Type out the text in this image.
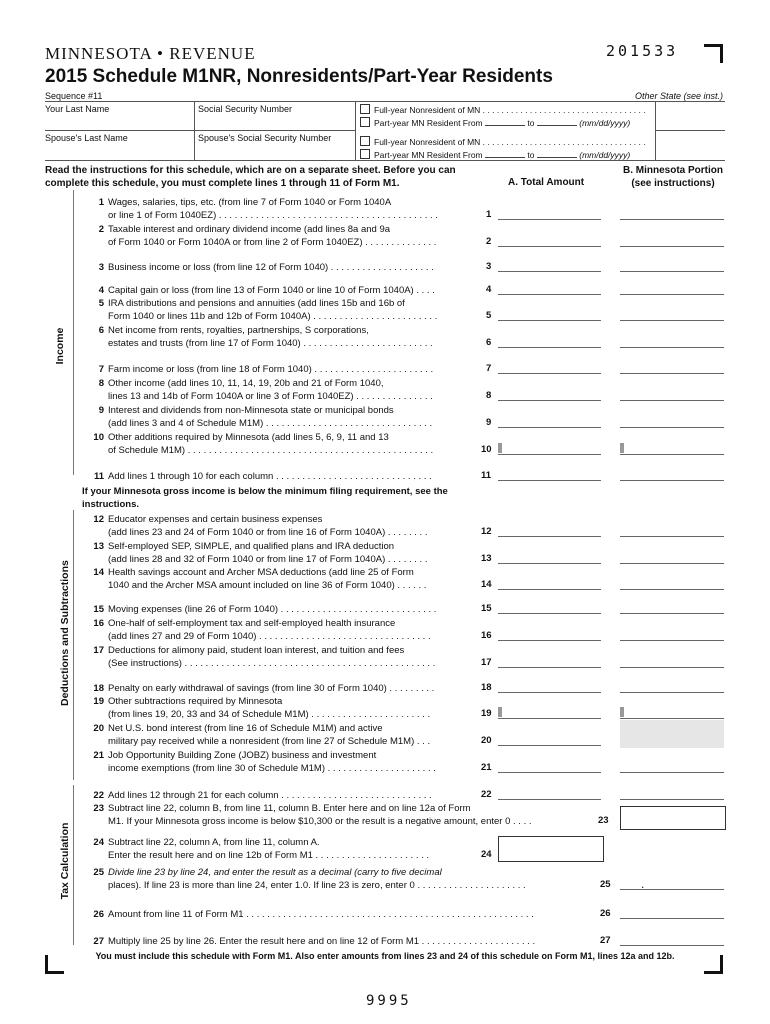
MINNESOTA • REVENUE	201533
2015 Schedule M1NR, Nonresidents/Part-Year Residents
Sequence #11	Other State (see inst.)
Your Last Name	Social Security Number
Spouse's Last Name	Spouse's Social Security Number
Full-year Nonresident of MN . . . . . . . . . . . . . . . . . . . . . . . . . . . . . . . . . . .
Part-year MN Resident From	to	(mm/dd/yyyy)
Full-year Nonresident of MN . . . . . . . . . . . . . . . . . . . . . . . . . . . . . . . . . . .
Part-year MN Resident From	to	(mm/dd/yyyy)
Read the instructions for this schedule, which are on a separate sheet. Before you can complete this schedule, you must complete lines 1 through 11 of Form M1.	A. Total Amount
B. Minnesota Portion (see instructions)
Income
Deductions and Subtractions
Tax Calculation
1 Wages, salaries, tips, etc. (from line 7 of Form 1040 or Form 1040A
or line 1 of Form 1040EZ) . . . . . . . . . . . . . . . . . . . . . . . . . . . . . . . . . . . . . . . . . .	1
2 Taxable interest and ordinary dividend income (add lines 8a and 9a
of Form 1040 or Form 1040A or from line 2 of Form 1040EZ) . . . . . . . . . . . . . .	2
3 Business income or loss (from line 12 of Form 1040) . . . . . . . . . . . . . . . . . . . .	3
4 Capital gain or loss (from line 13 of Form 1040 or line 10 of Form 1040A) . . . .	4
5 IRA distributions and pensions and annuities (add lines 15b and 16b of
Form 1040 or lines 11b and 12b of Form 1040A) . . . . . . . . . . . . . . . . . . . . . . . .	5
6 Net income from rents, royalties, partnerships, S corporations,
estates and trusts (from line 17 of Form 1040) . . . . . . . . . . . . . . . . . . . . . . . . .	6
7 Farm income or loss (from line 18 of Form 1040) . . . . . . . . . . . . . . . . . . . . . . .	7
8 Other income (add lines 10, 11, 14, 19, 20b and 21 of Form 1040,
lines 13 and 14b of Form 1040A or line 3 of Form 1040EZ) . . . . . . . . . . . . . . .	8
9 Interest and dividends from non-Minnesota state or municipal bonds
(add lines 3 and 4 of Schedule M1M) . . . . . . . . . . . . . . . . . . . . . . . . . . . . . . . .	9
10 Other additions required by Minnesota (add lines 5, 6, 9, 11 and 13
of Schedule M1M) . . . . . . . . . . . . . . . . . . . . . . . . . . . . . . . . . . . . . . . . . . . . . . .	10
11 Add lines 1 through 10 for each column . . . . . . . . . . . . . . . . . . . . . . . . . . . . . .	11
If your Minnesota gross income is below the minimum filing requirement, see the instructions.
12 Educator expenses and certain business expenses
(add lines 23 and 24 of Form 1040 or from line 16 of Form 1040A) . . . . . . . .	12
13 Self-employed SEP, SIMPLE, and qualified plans and IRA deduction
(add lines 28 and 32 of Form 1040 or from line 17 of Form 1040A) . . . . . . . .	13
14 Health savings account and Archer MSA deductions (add line 25 of Form
1040 and the Archer MSA amount included on line 36 of Form 1040) . . . . . .	14
15 Moving expenses (line 26 of Form 1040) . . . . . . . . . . . . . . . . . . . . . . . . . . . . . .	15
16 One-half of self-employment tax and self-employed health insurance
(add lines 27 and 29 of Form 1040) . . . . . . . . . . . . . . . . . . . . . . . . . . . . . . . . .	16
17 Deductions for alimony paid, student loan interest, and tuition and fees
(See instructions) . . . . . . . . . . . . . . . . . . . . . . . . . . . . . . . . . . . . . . . . . . . . . . . .	17
18 Penalty on early withdrawal of savings (from line 30 of Form 1040) . . . . . . . . .	18
19 Other subtractions required by Minnesota
(from lines 19, 20, 33 and 34 of Schedule M1M) . . . . . . . . . . . . . . . . . . . . . . .	19
20 Net U.S. bond interest (from line 16 of Schedule M1M) and active
military pay received while a nonresident (from line 27 of Schedule M1M) . . .	20
21 Job Opportunity Building Zone (JOBZ) business and investment
income exemptions (from line 30 of Schedule M1M) . . . . . . . . . . . . . . . . . . . . .	21
22 Add lines 12 through 21 for each column . . . . . . . . . . . . . . . . . . . . . . . . . . . . .	22
23 Subtract line 22, column B, from line 11, column B. Enter here and on line 12a of Form
M1. If your Minnesota gross income is below $10,300 or the result is a negative amount, enter 0 . . . .	23
24 Subtract line 22, column A, from line 11, column A.
Enter the result here and on line 12b of Form M1 . . . . . . . . . . . . . . . . . . . . . .	24
25 Divide line 23 by line 24, and enter the result as a decimal (carry to five decimal
places). If line 23 is more than line 24, enter 1.0. If line 23 is zero, enter 0 . . . . . . . . . . . . . . . . . . . . .	25	.
26 Amount from line 11 of Form M1 . . . . . . . . . . . . . . . . . . . . . . . . . . . . . . . . . . . . . . . . . . . . . . . . . . . . . . .	26
27 Multiply line 25 by line 26. Enter the result here and on line 12 of Form M1 . . . . . . . . . . . . . . . . . . . . . .	27
You must include this schedule with Form M1. Also enter amounts from lines 23 and 24 of this schedule on Form M1, lines 12a and 12b.
9995
